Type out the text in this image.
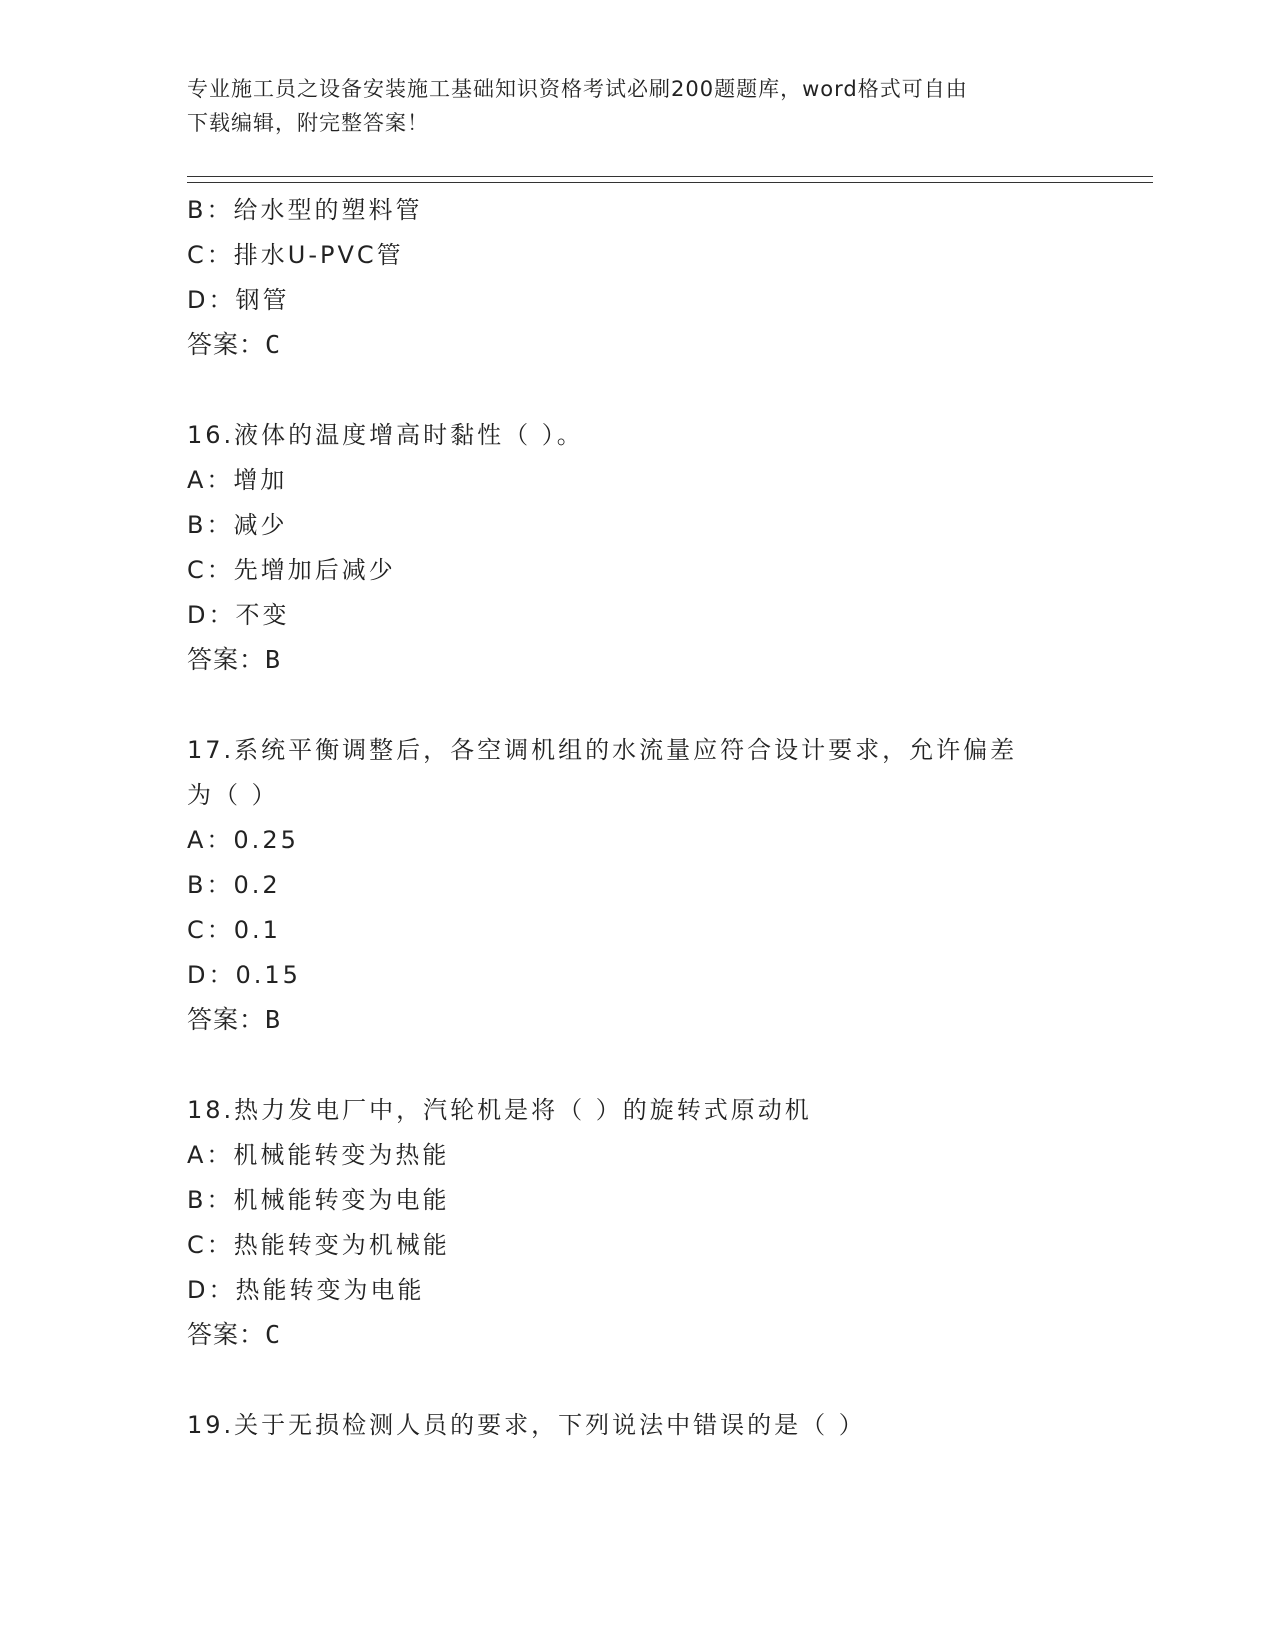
专业施工员之设备安装施工基础知识资格考试必刷200题题库，word格式可自由
下载编辑，附完整答案！
B：给水型的塑料管
C：排水U-PVC管
D：钢管
答案：C
16.液体的温度增高时黏性（ ）。
A：增加
B：减少
C：先增加后减少
D：不变
答案：B
17.系统平衡调整后，各空调机组的水流量应符合设计要求，允许偏差
为（ ）
A：0.25
B：0.2
C：0.1
D：0.15
答案：B
18.热力发电厂中，汽轮机是将（ ）的旋转式原动机
A：机械能转变为热能
B：机械能转变为电能
C：热能转变为机械能
D：热能转变为电能
答案：C
19.关于无损检测人员的要求，下列说法中错误的是（ ）
